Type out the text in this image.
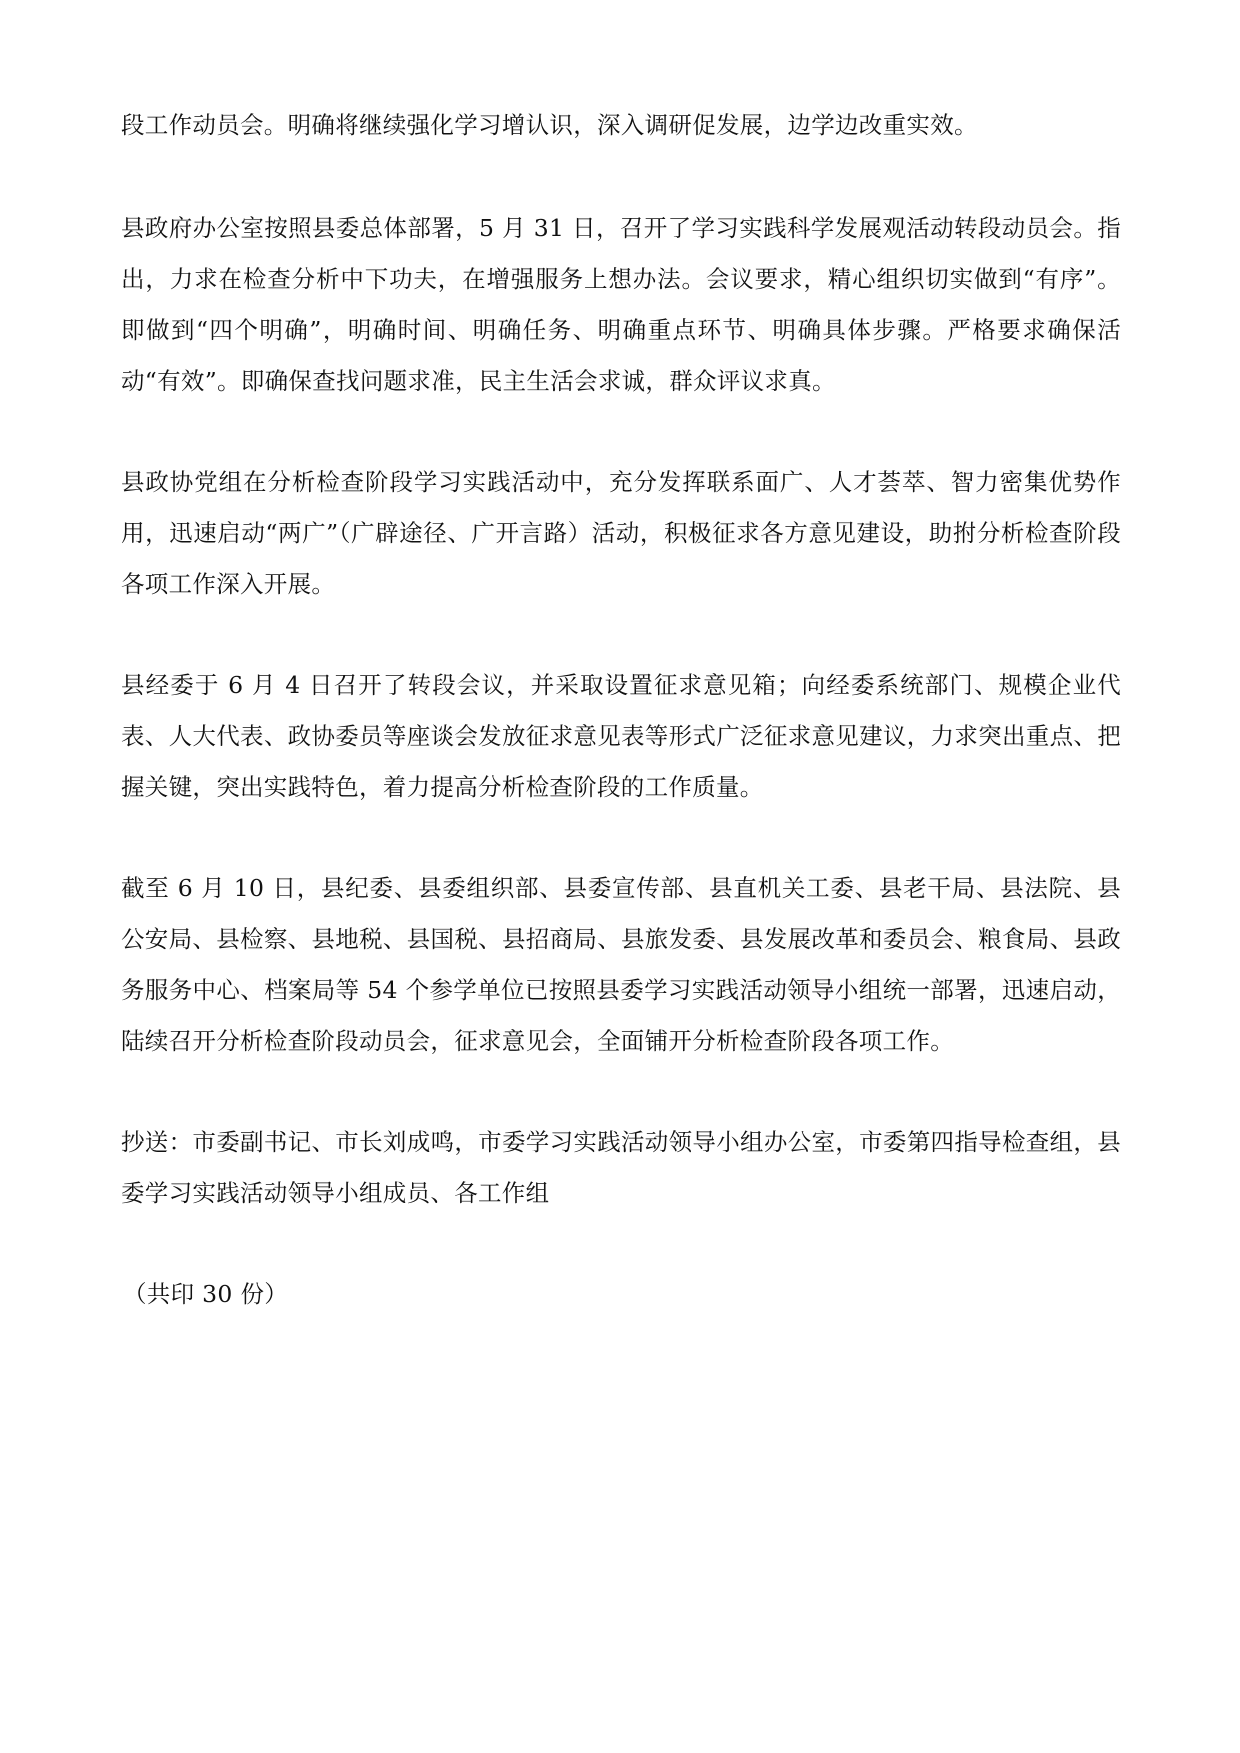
段工作动员会。明确将继续强化学习增认识，深入调研促发展，边学边改重实效。

县政府办公室按照县委总体部署，5 月 31 日，召开了学习实践科学发展观活动转段动员会。指出，力求在检查分析中下功夫，在增强服务上想办法。会议要求，精心组织切实做到“有序”。即做到“四个明确”，明确时间、明确任务、明确重点环节、明确具体步骤。严格要求确保活动“有效”。即确保查找问题求准，民主生活会求诚，群众评议求真。

县政协党组在分析检查阶段学习实践活动中，充分发挥联系面广、人才荟萃、智力密集优势作用，迅速启动“两广”（广辟途径、广开言路）活动，积极征求各方意见建设，助拊分析检查阶段各项工作深入开展。

县经委于 6 月 4 日召开了转段会议，并采取设置征求意见箱；向经委系统部门、规模企业代表、人大代表、政协委员等座谈会发放征求意见表等形式广泛征求意见建议，力求突出重点、把握关键，突出实践特色，着力提高分析检查阶段的工作质量。

截至 6 月 10 日，县纪委、县委组织部、县委宣传部、县直机关工委、县老干局、县法院、县公安局、县检察、县地税、县国税、县招商局、县旅发委、县发展改革和委员会、粮食局、县政务服务中心、档案局等 54 个参学单位已按照县委学习实践活动领导小组统一部署，迅速启动，陆续召开分析检查阶段动员会，征求意见会，全面铺开分析检查阶段各项工作。

抄送：市委副书记、市长刘成鸣，市委学习实践活动领导小组办公室，市委第四指导检查组，县委学习实践活动领导小组成员、各工作组

（共印 30 份）
